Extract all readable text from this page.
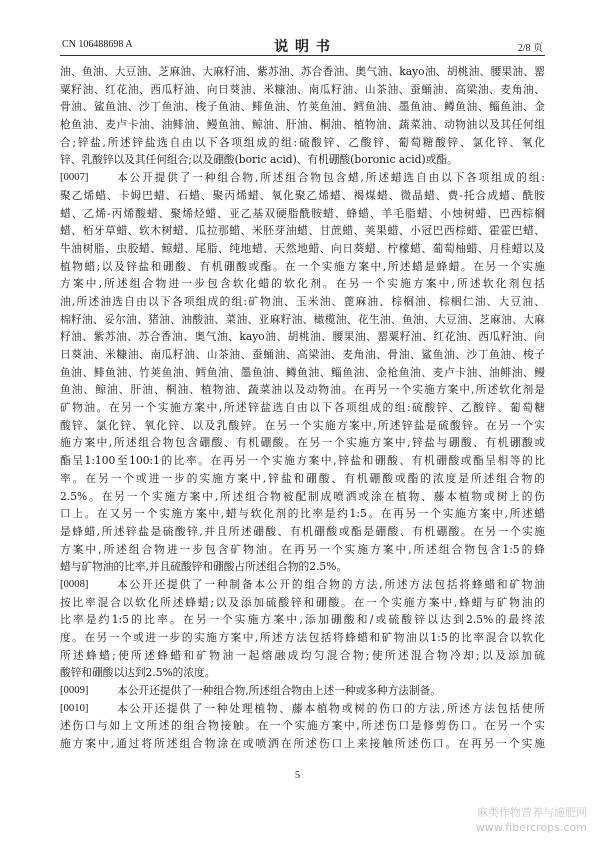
CN 106488698 A	说 明 书	2/8 页
油、鱼油、大豆油、芝麻油、大麻籽油、紫苏油、苏合香油、奥气油、kayo油、胡桃油、腰果油、罂
粟籽油、红花油、西瓜籽油、向日葵油、米糠油、南瓜籽油、山茶油、蚕蛹油、高梁油、麦角油、
骨油、鲨鱼油、沙丁鱼油、梭子鱼油、鲱鱼油、竹荚鱼油、鳕鱼油、墨鱼油、鳟鱼油、鲻鱼油、金
枪鱼油、麦卢卡油、油鲱油、鳗鱼油、鲸油、肝油、桐油、植物油、蔬菜油、动物油以及其任何组
合;锌盐,所述锌盐选自由以下各项组成的组:硫酸锌、乙酸锌、葡萄糖酸锌、氯化锌、氧化
锌、乳酸锌以及其任何组合;以及硼酸(boric acid)、有机硼酸(boronic acid)或酯。
[0007]	本公开提供了一种组合物,所述组合物包含蜡,所述蜡选自由以下各项组成的组:
聚乙烯蜡、卡姆巴蜡、石蜡、聚丙烯蜡、氧化聚乙烯蜡、褐煤蜡、微晶蜡、费-托合成蜡、酰胺
蜡、乙烯-丙烯酸蜡、聚烯烃蜡、亚乙基双硬脂酰胺蜡、蜂蜡、羊毛脂蜡、小烛树蜡、巴西棕榈
蜡、栢牙草蜡、软木树蜡、瓜拉那蜡、米胚芽油蜡、甘蔗蜡、荚果蜡、小冠巴西棕蜡、霍霍巴蜡、
牛油树脂、虫胶蜡、鲸蜡、尾脂、纯地蜡、天然地蜡、向日葵蜡、柠檬蜡、葡萄柚蜡、月桂蜡以及
植物蜡;以及锌盐和硼酸、有机硼酸或酯。在一个实施方案中,所述蜡是蜂蜡。在另一个实施
方案中,所述组合物进一步包含软化蜡的软化剂。在另一个实施方案中,所述软化剂包括
油,所述油选自由以下各项组成的组:矿物油、玉米油、蓖麻油、棕榈油、棕榈仁油、大豆油、
棉籽油、妥尔油、猪油、油酸油、菜油、亚麻籽油、橄榄油、花生油、鱼油、大豆油、芝麻油、大麻
籽油、紫苏油、苏合香油、奥气油、kayo油、胡桃油、腰果油、罂粟籽油、红花油、西瓜籽油、向
日葵油、米糠油、南瓜籽油、山茶油、蚕蛹油、高梁油、麦角油、骨油、鲨鱼油、沙丁鱼油、梭子
鱼油、鲱鱼油、竹荚鱼油、鳕鱼油、墨鱼油、鳟鱼油、鲻鱼油、金枪鱼油、麦卢卡油、油鲱油、鳗
鱼油、鲸油、肝油、桐油、植物油、蔬菜油以及动物油。在再另一个实施方案中,所述软化剂是
矿物油。在另一个实施方案中,所述锌盐选自由以下各项组成的组:硫酸锌、乙酸锌、葡萄糖
酸锌、氯化锌、氧化锌、以及乳酸锌。在另一个实施方案中,所述锌盐是硫酸锌。在另一个实
施方案中,所述组合物包含硼酸、有机硼酸。在另一个实施方案中,锌盐与硼酸、有机硼酸或
酯呈1:100至100:1的比率。在再另一个实施方案中,锌盐和硼酸、有机硼酸或酯呈相等的比
率。在另一个或进一步的实施方案中,锌盐和硼酸、有机硼酸或酯的浓度是所述组合物的
2.5%。在另一个实施方案中,所述组合物被配制成喷洒或涂在植物、藤本植物或树上的伤
口上。在又另一个实施方案中,蜡与软化剂的比率是约1:5。在再另一个实施方案中,所述蜡
是蜂蜡,所述锌盐是硫酸锌,并且所述硼酸、有机硼酸或酯是硼酸、有机硼酸。在另一个实施
方案中,所述组合物进一步包含矿物油。在再另一个实施方案中,所述组合物包含1:5的蜂
蜡与矿物油的比率,并且硫酸锌和硼酸占所述组合物的2.5%。
[0008]	本公开还提供了一种制备本公开的组合物的方法,所述方法包括将蜂蜡和矿物油
按比率混合以软化所述蜂蜡;以及添加硫酸锌和硼酸。在一个实施方案中,蜂蜡与矿物油的
比率是约1:5的比率。在另一个实施方案中,添加硼酸和/或硫酸锌以达到2.5%的最终浓
度。在另一个或进一步的实施方案中,所述方法包括将蜂蜡和矿物油以1:5的比率混合以软化
所述蜂蜡;使所述蜂蜡和矿物油一起熔融成均匀混合物;使所述混合物冷却;以及添加硫
酸锌和硼酸以达到2.5%的浓度。
[0009]	本公开还提供了一种组合物,所述组合物由上述一种或多种方法制备。
[0010]	本公开还提供了一种处理植物、藤本植物或树的伤口的方法,所述方法包括使所
述伤口与如上文所述的组合物接触。在一个实施方案中,所述伤口是修剪伤口。在另一个实
施方案中,通过将所述组合物涂在或喷洒在所述伤口上来接触所述伤口。在再另一个实施
5
麻类作物营养与施肥网
www.fibercrops.com
